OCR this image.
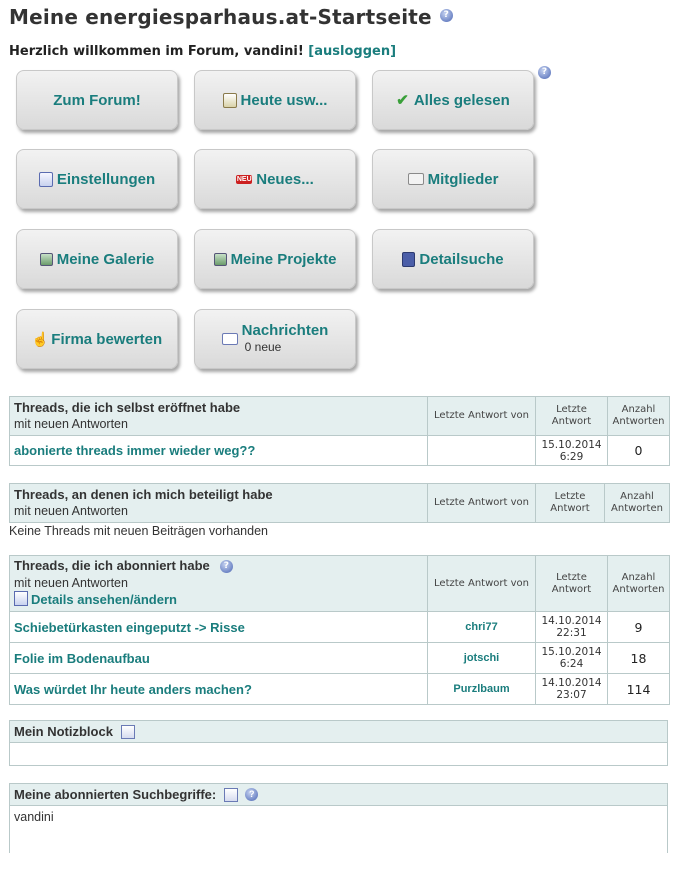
Meine energiesparhaus.at-Startseite ?
Herzlich willkommen im Forum, vandini! [ausloggen]
?
Zum Forum!	Heute usw...	✔ Alles gelesen
Einstellungen	NEU Neues...	Mitglieder
Meine Galerie	Meine Projekte	Detailsuche
☝ Firma bewerten	Nachrichten
0 neue
Threads, die ich selbst eröffnet habe
mit neuen Antworten	Letzte Antwort von	Letzte Antwort	Anzahl Antworten
abonierte threads immer wieder weg??		15.10.2014
6:29	0
Threads, an denen ich mich beteiligt habe
mit neuen Antworten
	Letzte Antwort von	Letzte Antwort	Anzahl Antworten
Keine Threads mit neuen Beiträgen vorhanden
Threads, die ich abonniert habe ?
mit neuen Antworten
Details ansehen/ändern	Letzte Antwort von	Letzte Antwort	Anzahl Antworten
Schiebetürkasten eingeputzt -> Risse	chri77	14.10.2014
22:31	9
Folie im Bodenaufbau	jotschi	15.10.2014
6:24	18
Was würdet Ihr heute anders machen?	Purzlbaum	14.10.2014
23:07	114
Mein Notizblock
Meine abonnierten Suchbegriffe:	?
vandini
